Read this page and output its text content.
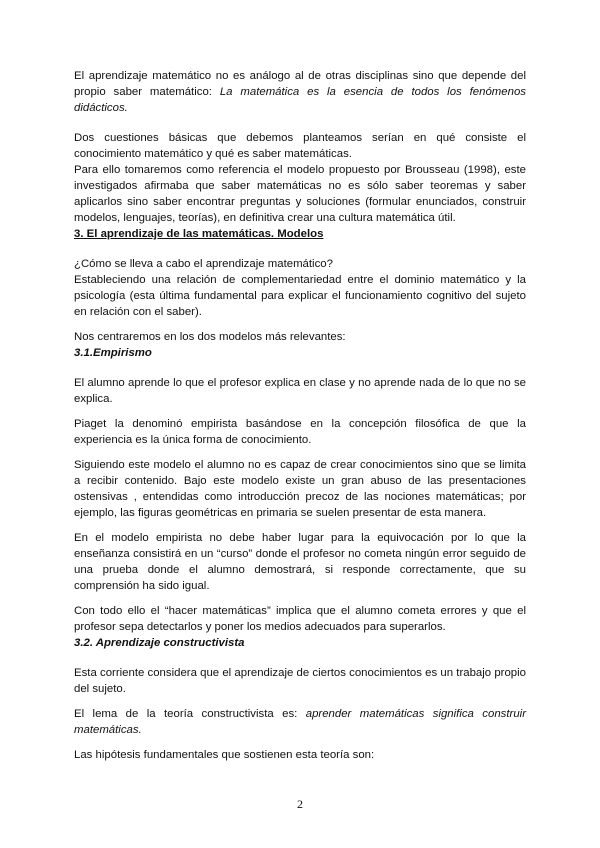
El aprendizaje matemático no es análogo al de otras disciplinas sino que depende del propio saber matemático: La matemática es la esencia de todos los fenómenos didácticos.

Dos cuestiones básicas que debemos planteamos serían en qué consiste el conocimiento matemático y qué es saber matemáticas.

Para ello tomaremos como referencia el modelo propuesto por Brousseau (1998), este investigados afirmaba que saber matemáticas no es sólo saber teoremas y saber aplicarlos sino saber encontrar preguntas y soluciones (formular enunciados, construir modelos, lenguajes, teorías), en definitiva crear una cultura matemática útil.

3. El aprendizaje de las matemáticas. Modelos

¿Cómo se lleva a cabo el aprendizaje matemático?

Estableciendo una relación de complementariedad entre el dominio matemático y la psicología (esta última fundamental para explicar el funcionamiento cognitivo del sujeto en relación con el saber).

Nos centraremos en los dos modelos más relevantes:

3.1.Empirismo

El alumno aprende lo que el profesor explica en clase y no aprende nada de lo que no se explica.

Piaget la denominó empirista basándose en la concepción filosófica de que la experiencia es la única forma de conocimiento.

Siguiendo este modelo el alumno no es capaz de crear conocimientos sino que se limita a recibir contenido. Bajo este modelo existe un gran abuso de las presentaciones ostensivas , entendidas como introducción precoz de las nociones matemáticas; por ejemplo, las figuras geométricas en primaria se suelen presentar de esta manera.

En el modelo empirista no debe haber lugar para la equivocación por lo que la enseñanza consistirá en un “curso” donde el profesor no cometa ningún error seguido de una prueba donde el alumno demostrará, si responde correctamente, que su comprensión ha sido igual.

Con todo ello el “hacer matemáticas” implica que el alumno cometa errores y que el profesor sepa detectarlos y poner los medios adecuados para superarlos.

3.2. Aprendizaje constructivista

Esta corriente considera que el aprendizaje de ciertos conocimientos es un trabajo propio del sujeto.

El lema de la teoría constructivista es: aprender matemáticas significa construir matemáticas.

Las hipótesis fundamentales que sostienen esta teoría son:

2
